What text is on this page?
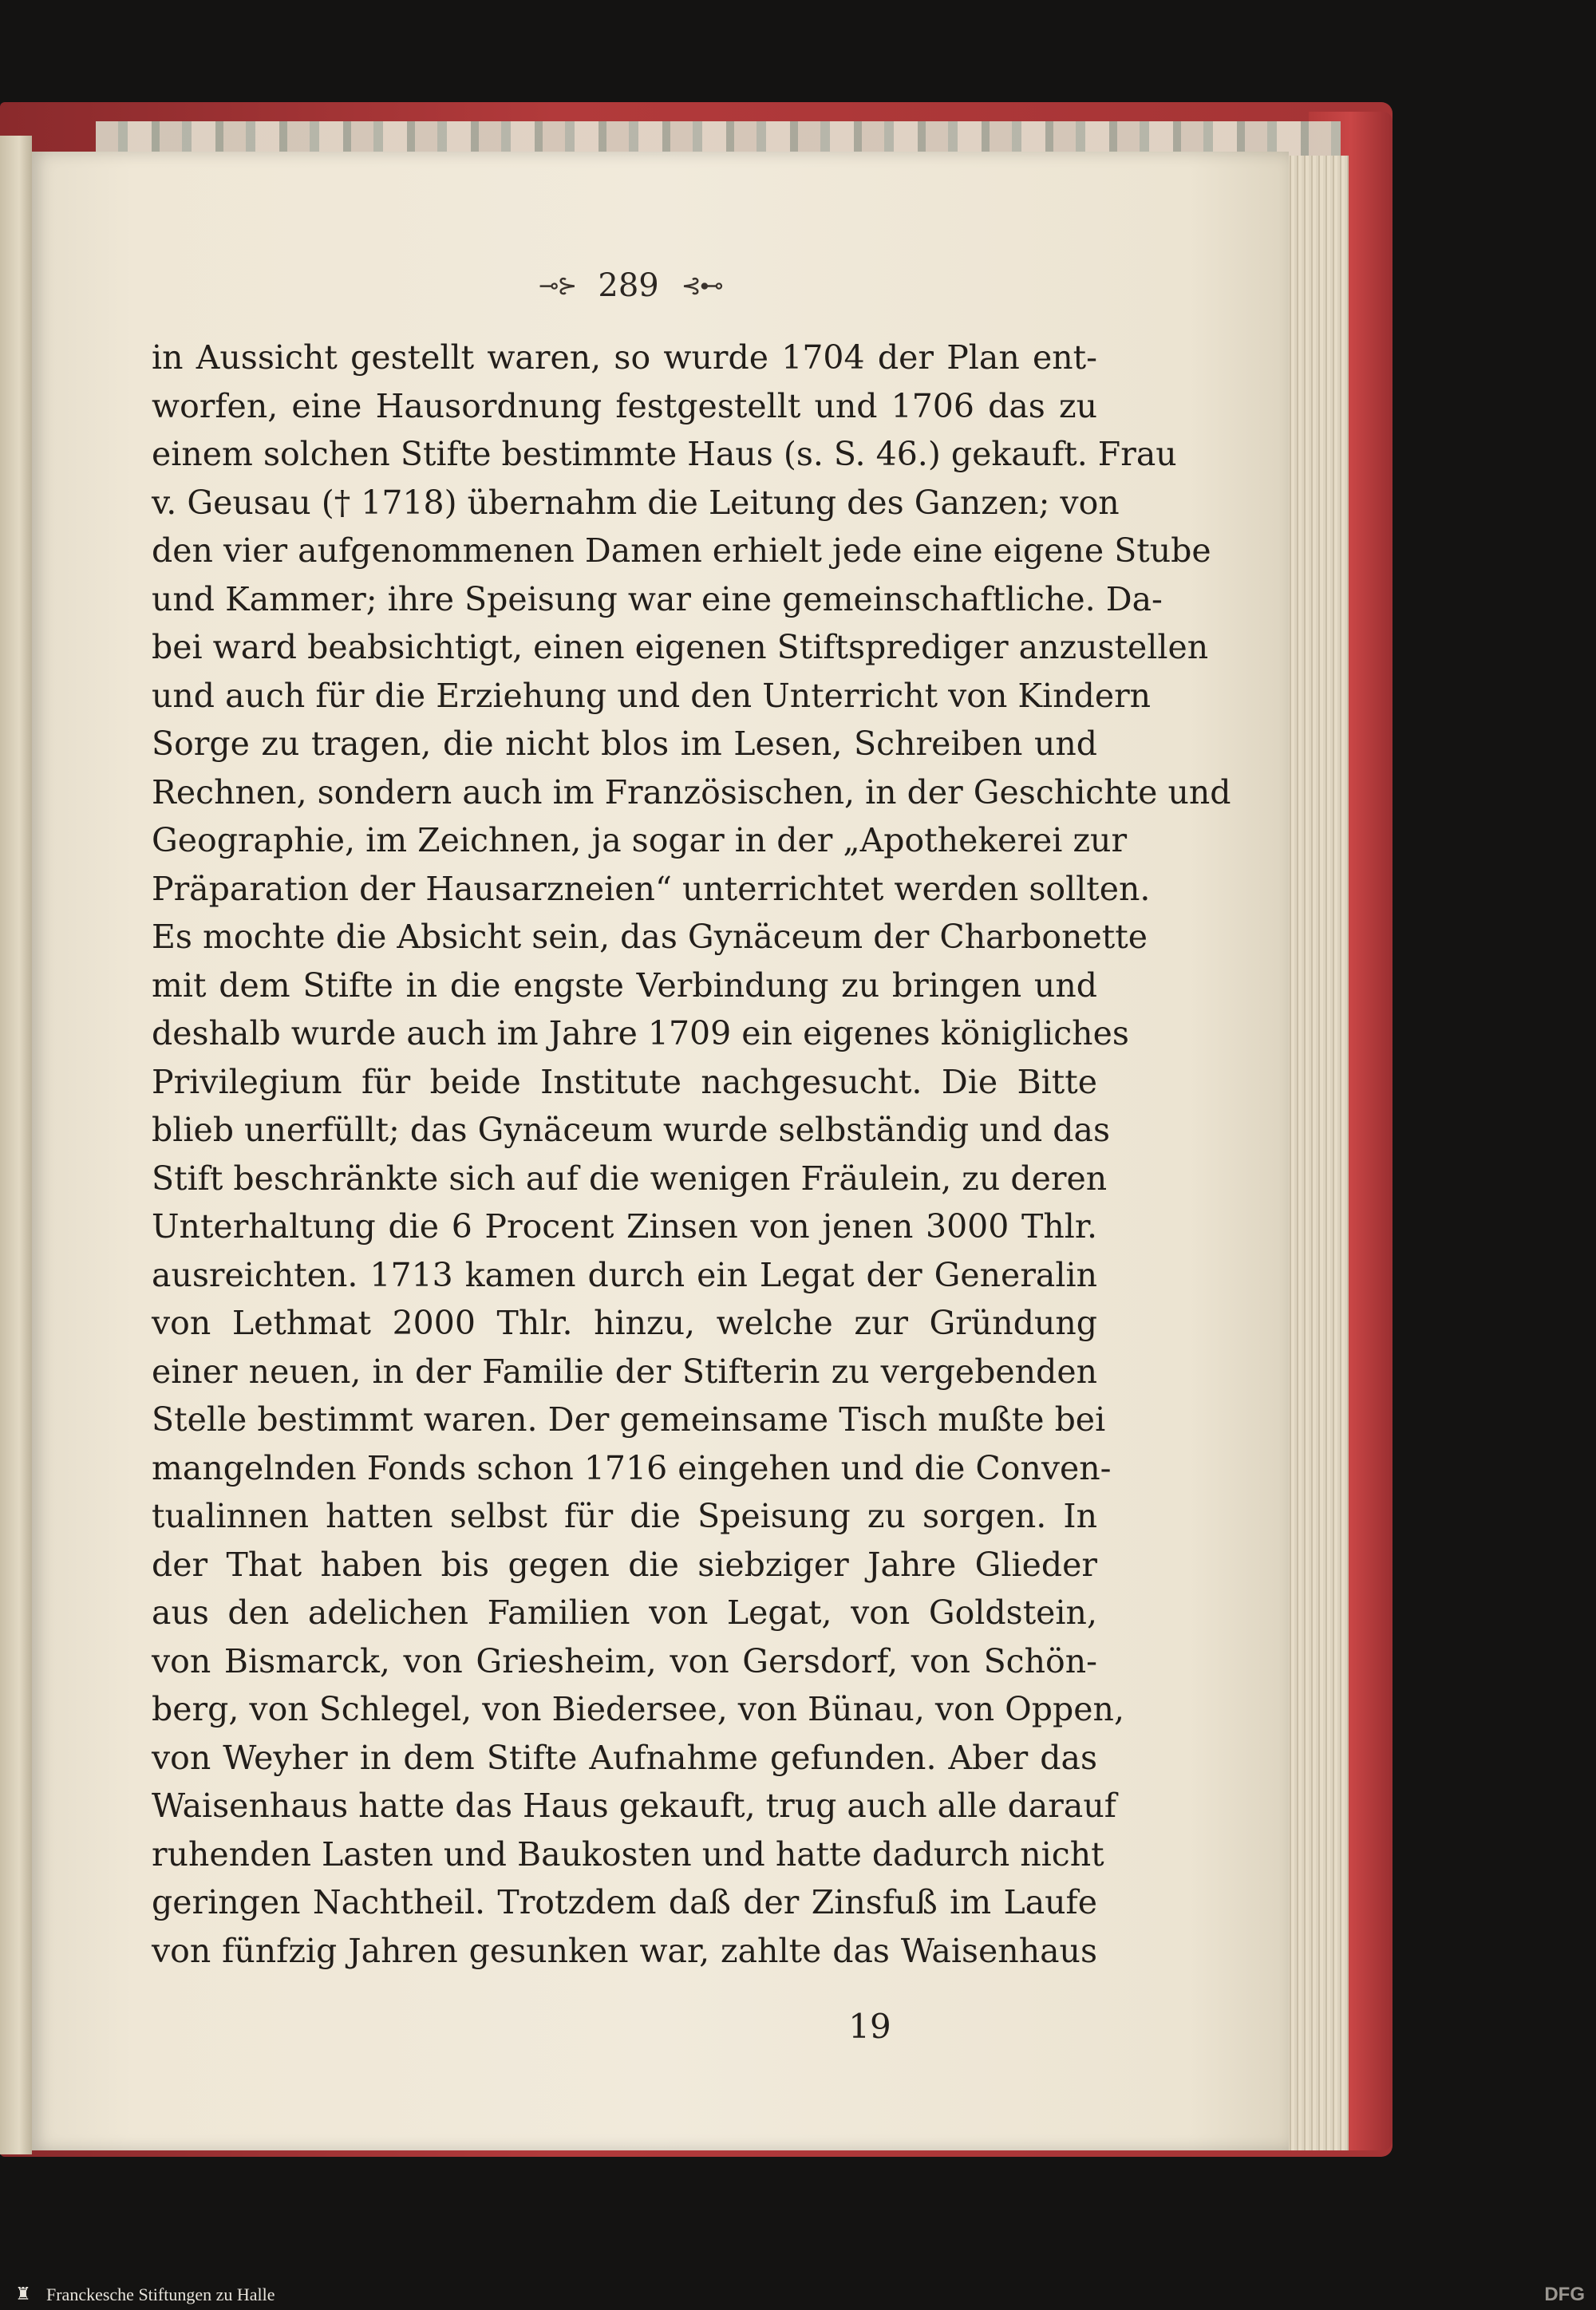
⊸⊱ 289 ⊰⊷
in Aussicht gestellt waren, so wurde 1704 der Plan ent-
worfen, eine Hausordnung festgestellt und 1706 das zu
einem solchen Stifte bestimmte Haus (s. S. 46.) gekauft. Frau
v. Geusau († 1718) übernahm die Leitung des Ganzen; von
den vier aufgenommenen Damen erhielt jede eine eigene Stube
und Kammer; ihre Speisung war eine gemeinschaftliche. Da-
bei ward beabsichtigt, einen eigenen Stiftsprediger anzustellen
und auch für die Erziehung und den Unterricht von Kindern
Sorge zu tragen, die nicht blos im Lesen, Schreiben und
Rechnen, sondern auch im Französischen, in der Geschichte und
Geographie, im Zeichnen, ja sogar in der „Apothekerei zur
Präparation der Hausarzneien“ unterrichtet werden sollten.
Es mochte die Absicht sein, das Gynäceum der Charbonette
mit dem Stifte in die engste Verbindung zu bringen und
deshalb wurde auch im Jahre 1709 ein eigenes königliches
Privilegium für beide Institute nachgesucht. Die Bitte
blieb unerfüllt; das Gynäceum wurde selbständig und das
Stift beschränkte sich auf die wenigen Fräulein, zu deren
Unterhaltung die 6 Procent Zinsen von jenen 3000 Thlr.
ausreichten. 1713 kamen durch ein Legat der Generalin
von Lethmat 2000 Thlr. hinzu, welche zur Gründung
einer neuen, in der Familie der Stifterin zu vergebenden
Stelle bestimmt waren. Der gemeinsame Tisch mußte bei
mangelnden Fonds schon 1716 eingehen und die Conven-
tualinnen hatten selbst für die Speisung zu sorgen. In
der That haben bis gegen die siebziger Jahre Glieder
aus den adelichen Familien von Legat, von Goldstein,
von Bismarck, von Griesheim, von Gersdorf, von Schön-
berg, von Schlegel, von Biedersee, von Bünau, von Oppen,
von Weyher in dem Stifte Aufnahme gefunden. Aber das
Waisenhaus hatte das Haus gekauft, trug auch alle darauf
ruhenden Lasten und Baukosten und hatte dadurch nicht
geringen Nachtheil. Trotzdem daß der Zinsfuß im Laufe
von fünfzig Jahren gesunken war, zahlte das Waisenhaus
19
♜ Franckesche Stiftungen zu Halle	DFG
